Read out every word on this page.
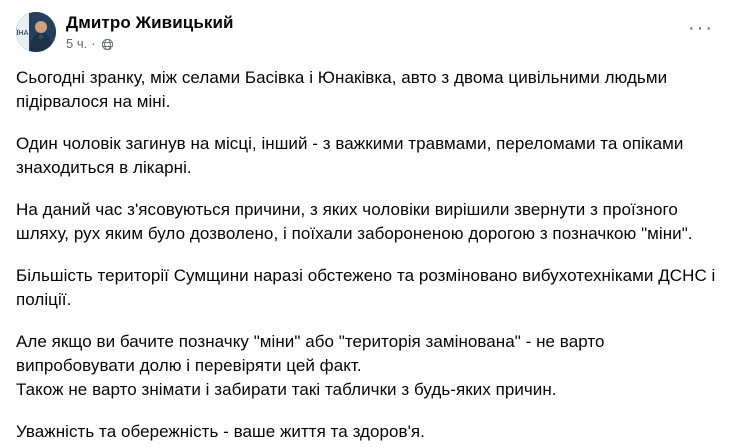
ЇНА
Дмитро Живицький
5 ч. ·
···

Сьогодні зранку, між селами Басівка і Юнаківка, авто з двома цивільними людьми підірвалося на міні.

Один чоловік загинув на місці, інший - з важкими травмами, переломами та опіками знаходиться в лікарні.

На даний час з'ясовуються причини, з яких чоловіки вирішили звернути з проїзного шляху, рух яким було дозволено, і поїхали забороненою дорогою з позначкою "міни".

Більшість території Сумщини наразі обстежено та розміновано вибухотехніками ДСНС і поліції.

Але якщо ви бачите позначку "міни" або "територія замінована" - не варто випробовувати долю і перевіряти цей факт.

Також не варто знімати і забирати такі таблички з будь-яких причин.

Уважність та обережність - ваше життя та здоров'я.
